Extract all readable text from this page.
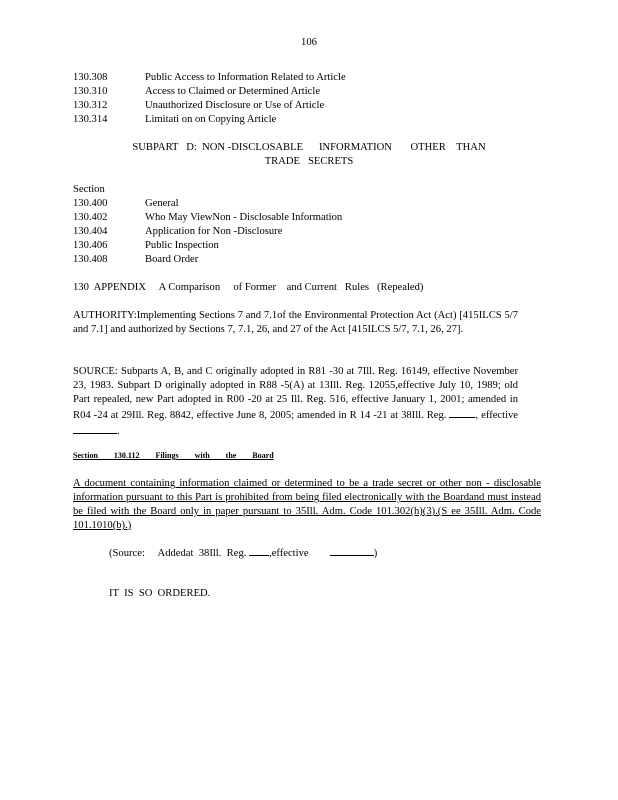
106
130.308	Public Access to Information Related to Article
130.310	Access to Claimed or Determined Article
130.312	Unauthorized Disclosure or Use of Article
130.314	Limitati on on Copying Article
SUBPART   D:  NON -DISCLOSABLE      INFORMATION       OTHER    THAN
TRADE   SECRETS
Section
130.400	General
130.402	Who May ViewNon - Disclosable Information
130.404	Application for Non -Disclosure
130.406	Public Inspection
130.408	Board Order
130  APPENDIX     A Comparison     of Former    and Current   Rules   (Repealed)
AUTHORITY:Implementing Sections 7 and 7.1of the Environmental Protection Act (Act) [415ILCS 5/7 and 7.1] and authorized by Sections 7, 7.1, 26, and 27 of the Act [415ILCS 5/7, 7.1, 26, 27].
SOURCE: Subparts A, B, and C originally adopted in R81 -30 at 7Ill. Reg. 16149, effective November 23, 1983. Subpart D originally adopted in R88 -5(A) at 13Ill. Reg. 12055,effective July 10, 1989; old Part repealed, new Part adopted in R00 -20 at 25 Ill. Reg. 516, effective January 1, 2001; amended in R04 -24 at 29Ill. Reg. 8842, effective June 8, 2005; amended in R 14 -21 at 38Ill. Reg.	, effective .
Section        130.112        Filings        with        the        Board
A document containing information claimed or determined to be a trade secret or other non - disclosable information pursuant to this Part is prohibited from being filed electronically with the Boardand must instead be filed with the Board only in paper pursuant to 35Ill. Adm. Code 101.302(h)(3).(S ee 35Ill. Adm. Code 101.1010(b).)
(Source:     Addedat  38Ill.  Reg. ,effective	)
IT  IS  SO  ORDERED.
